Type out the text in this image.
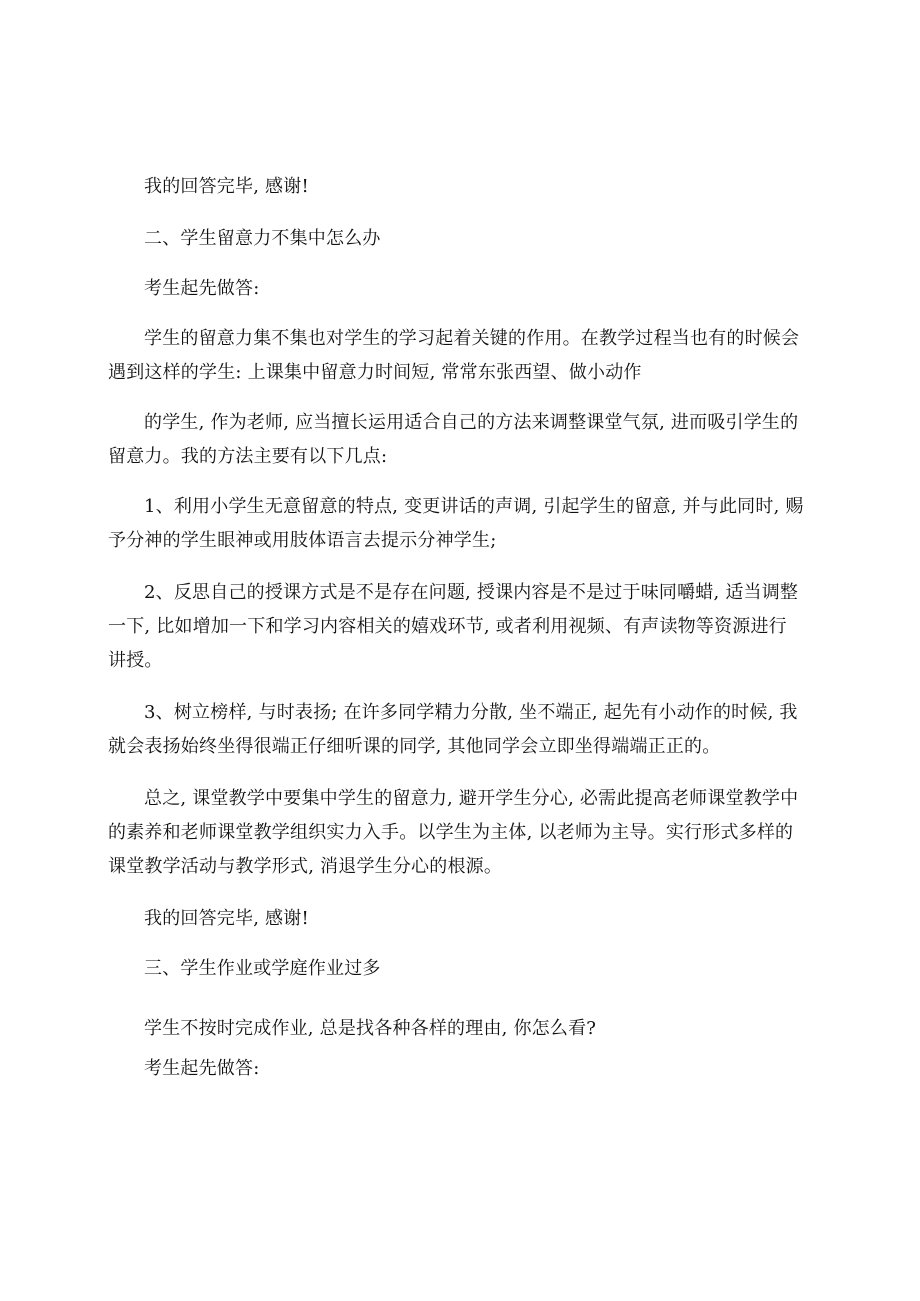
我的回答完毕, 感谢!
二、学生留意力不集中怎么办
考生起先做答:
学生的留意力集不集也对学生的学习起着关键的作用。在教学过程当也有的时候会
遇到这样的学生: 上课集中留意力时间短, 常常东张西望、做小动作
的学生, 作为老师, 应当擅长运用适合自己的方法来调整课堂气氛, 进而吸引学生的
留意力。我的方法主要有以下几点:
1、利用小学生无意留意的特点, 变更讲话的声调, 引起学生的留意, 并与此同时, 赐
予分神的学生眼神或用肢体语言去提示分神学生;
2、反思自己的授课方式是不是存在问题, 授课内容是不是过于味同嚼蜡, 适当调整
一下, 比如增加一下和学习内容相关的嬉戏环节, 或者利用视频、有声读物等资源进行
讲授。
3、树立榜样, 与时表扬; 在许多同学精力分散, 坐不端正, 起先有小动作的时候, 我
就会表扬始终坐得很端正仔细听课的同学, 其他同学会立即坐得端端正正的。
总之, 课堂教学中要集中学生的留意力, 避开学生分心, 必需此提高老师课堂教学中
的素养和老师课堂教学组织实力入手。以学生为主体, 以老师为主导。实行形式多样的
课堂教学活动与教学形式, 消退学生分心的根源。
我的回答完毕, 感谢!
三、学生作业或学庭作业过多
学生不按时完成作业, 总是找各种各样的理由, 你怎么看?
考生起先做答:
